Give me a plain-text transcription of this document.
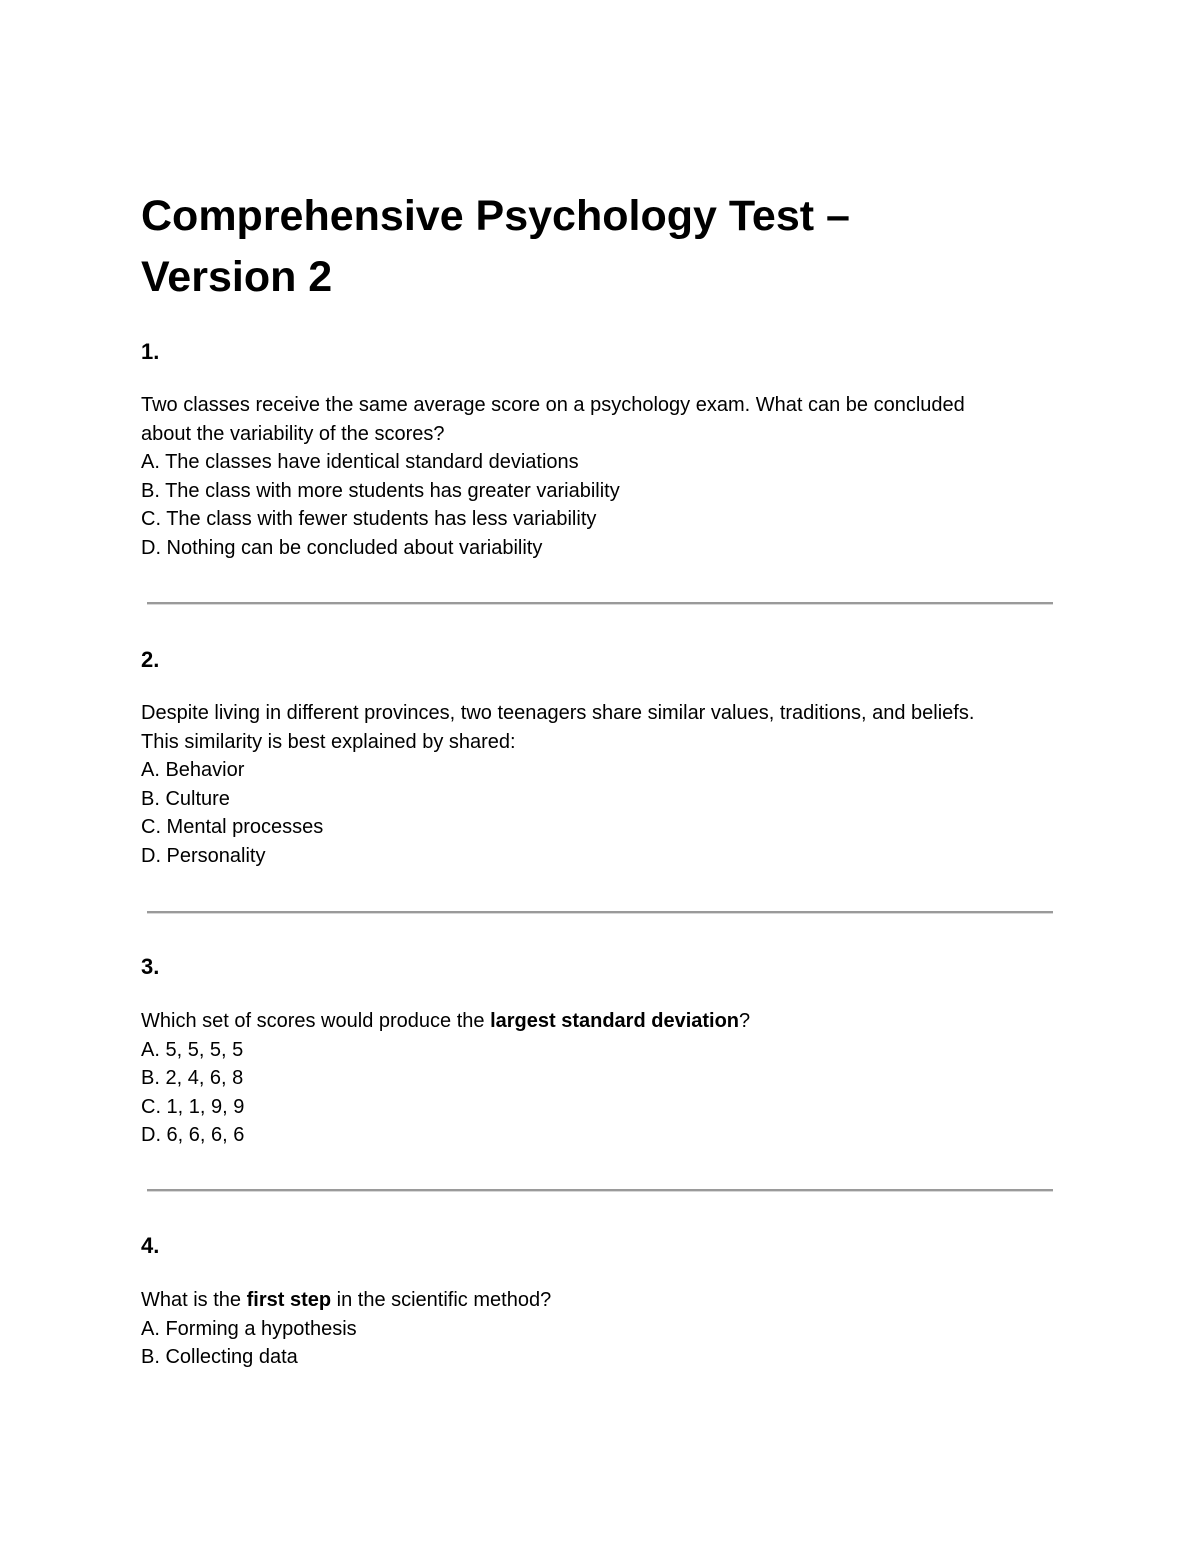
Comprehensive Psychology Test –
Version 2
1.

Two classes receive the same average score on a psychology exam. What can be concluded

about the variability of the scores?

A. The classes have identical standard deviations

B. The class with more students has greater variability

C. The class with fewer students has less variability

D. Nothing can be concluded about variability

2.

Despite living in different provinces, two teenagers share similar values, traditions, and beliefs.

This similarity is best explained by shared:

A. Behavior

B. Culture

C. Mental processes

D. Personality

3.

Which set of scores would produce the largest standard deviation?

A. 5, 5, 5, 5

B. 2, 4, 6, 8

C. 1, 1, 9, 9

D. 6, 6, 6, 6

4.

What is the first step in the scientific method?

A. Forming a hypothesis

B. Collecting data
